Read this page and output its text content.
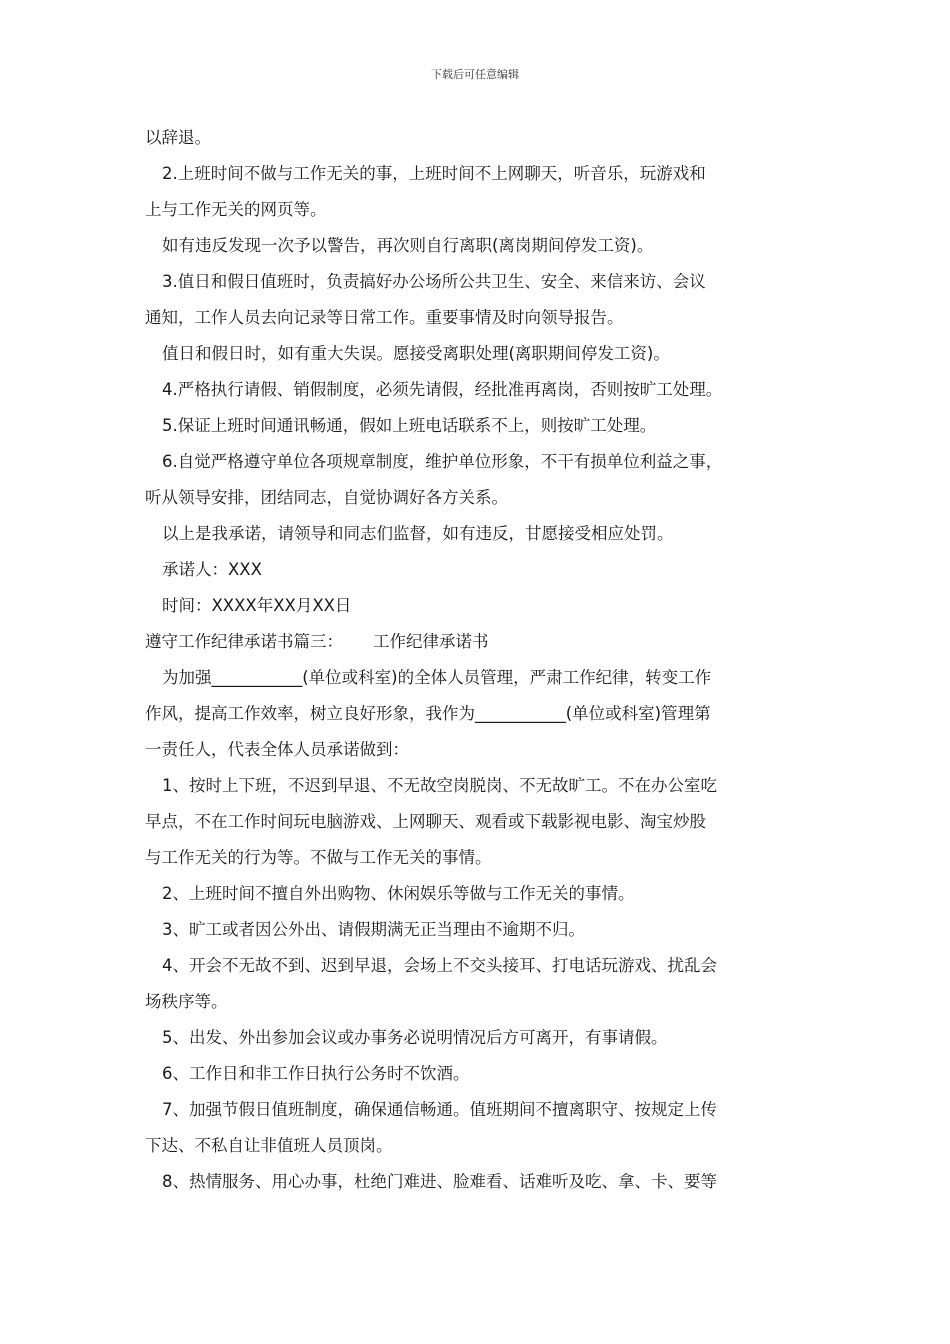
下载后可任意编辑
以辞退。
2.上班时间不做与工作无关的事，上班时间不上网聊天，听音乐，玩游戏和
上与工作无关的网页等。
如有违反发现一次予以警告，再次则自行离职(离岗期间停发工资)。
3.值日和假日值班时，负责搞好办公场所公共卫生、安全、来信来访、会议
通知，工作人员去向记录等日常工作。重要事情及时向领导报告。
值日和假日时，如有重大失误。愿接受离职处理(离职期间停发工资)。
4.严格执行请假、销假制度，必须先请假，经批准再离岗，否则按旷工处理。
5.保证上班时间通讯畅通，假如上班电话联系不上，则按旷工处理。
6.自觉严格遵守单位各项规章制度，维护单位形象，不干有损单位利益之事，
听从领导安排，团结同志，自觉协调好各方关系。
以上是我承诺，请领导和同志们监督，如有违反，甘愿接受相应处罚。
承诺人：XXX
时间：XXXX年XX月XX日
遵守工作纪律承诺书篇三： 工作纪律承诺书
为加强___________(单位或科室)的全体人员管理，严肃工作纪律，转变工作
作风，提高工作效率，树立良好形象，我作为___________(单位或科室)管理第
一责任人，代表全体人员承诺做到：
1、按时上下班，不迟到早退、不无故空岗脱岗、不无故旷工。不在办公室吃
早点，不在工作时间玩电脑游戏、上网聊天、观看或下载影视电影、淘宝炒股
与工作无关的行为等。不做与工作无关的事情。
2、上班时间不擅自外出购物、休闲娱乐等做与工作无关的事情。
3、旷工或者因公外出、请假期满无正当理由不逾期不归。
4、开会不无故不到、迟到早退，会场上不交头接耳、打电话玩游戏、扰乱会
场秩序等。
5、出发、外出参加会议或办事务必说明情况后方可离开，有事请假。
6、工作日和非工作日执行公务时不饮酒。
7、加强节假日值班制度，确保通信畅通。值班期间不擅离职守、按规定上传
下达、不私自让非值班人员顶岗。
8、热情服务、用心办事，杜绝门难进、脸难看、话难听及吃、拿、卡、要等
